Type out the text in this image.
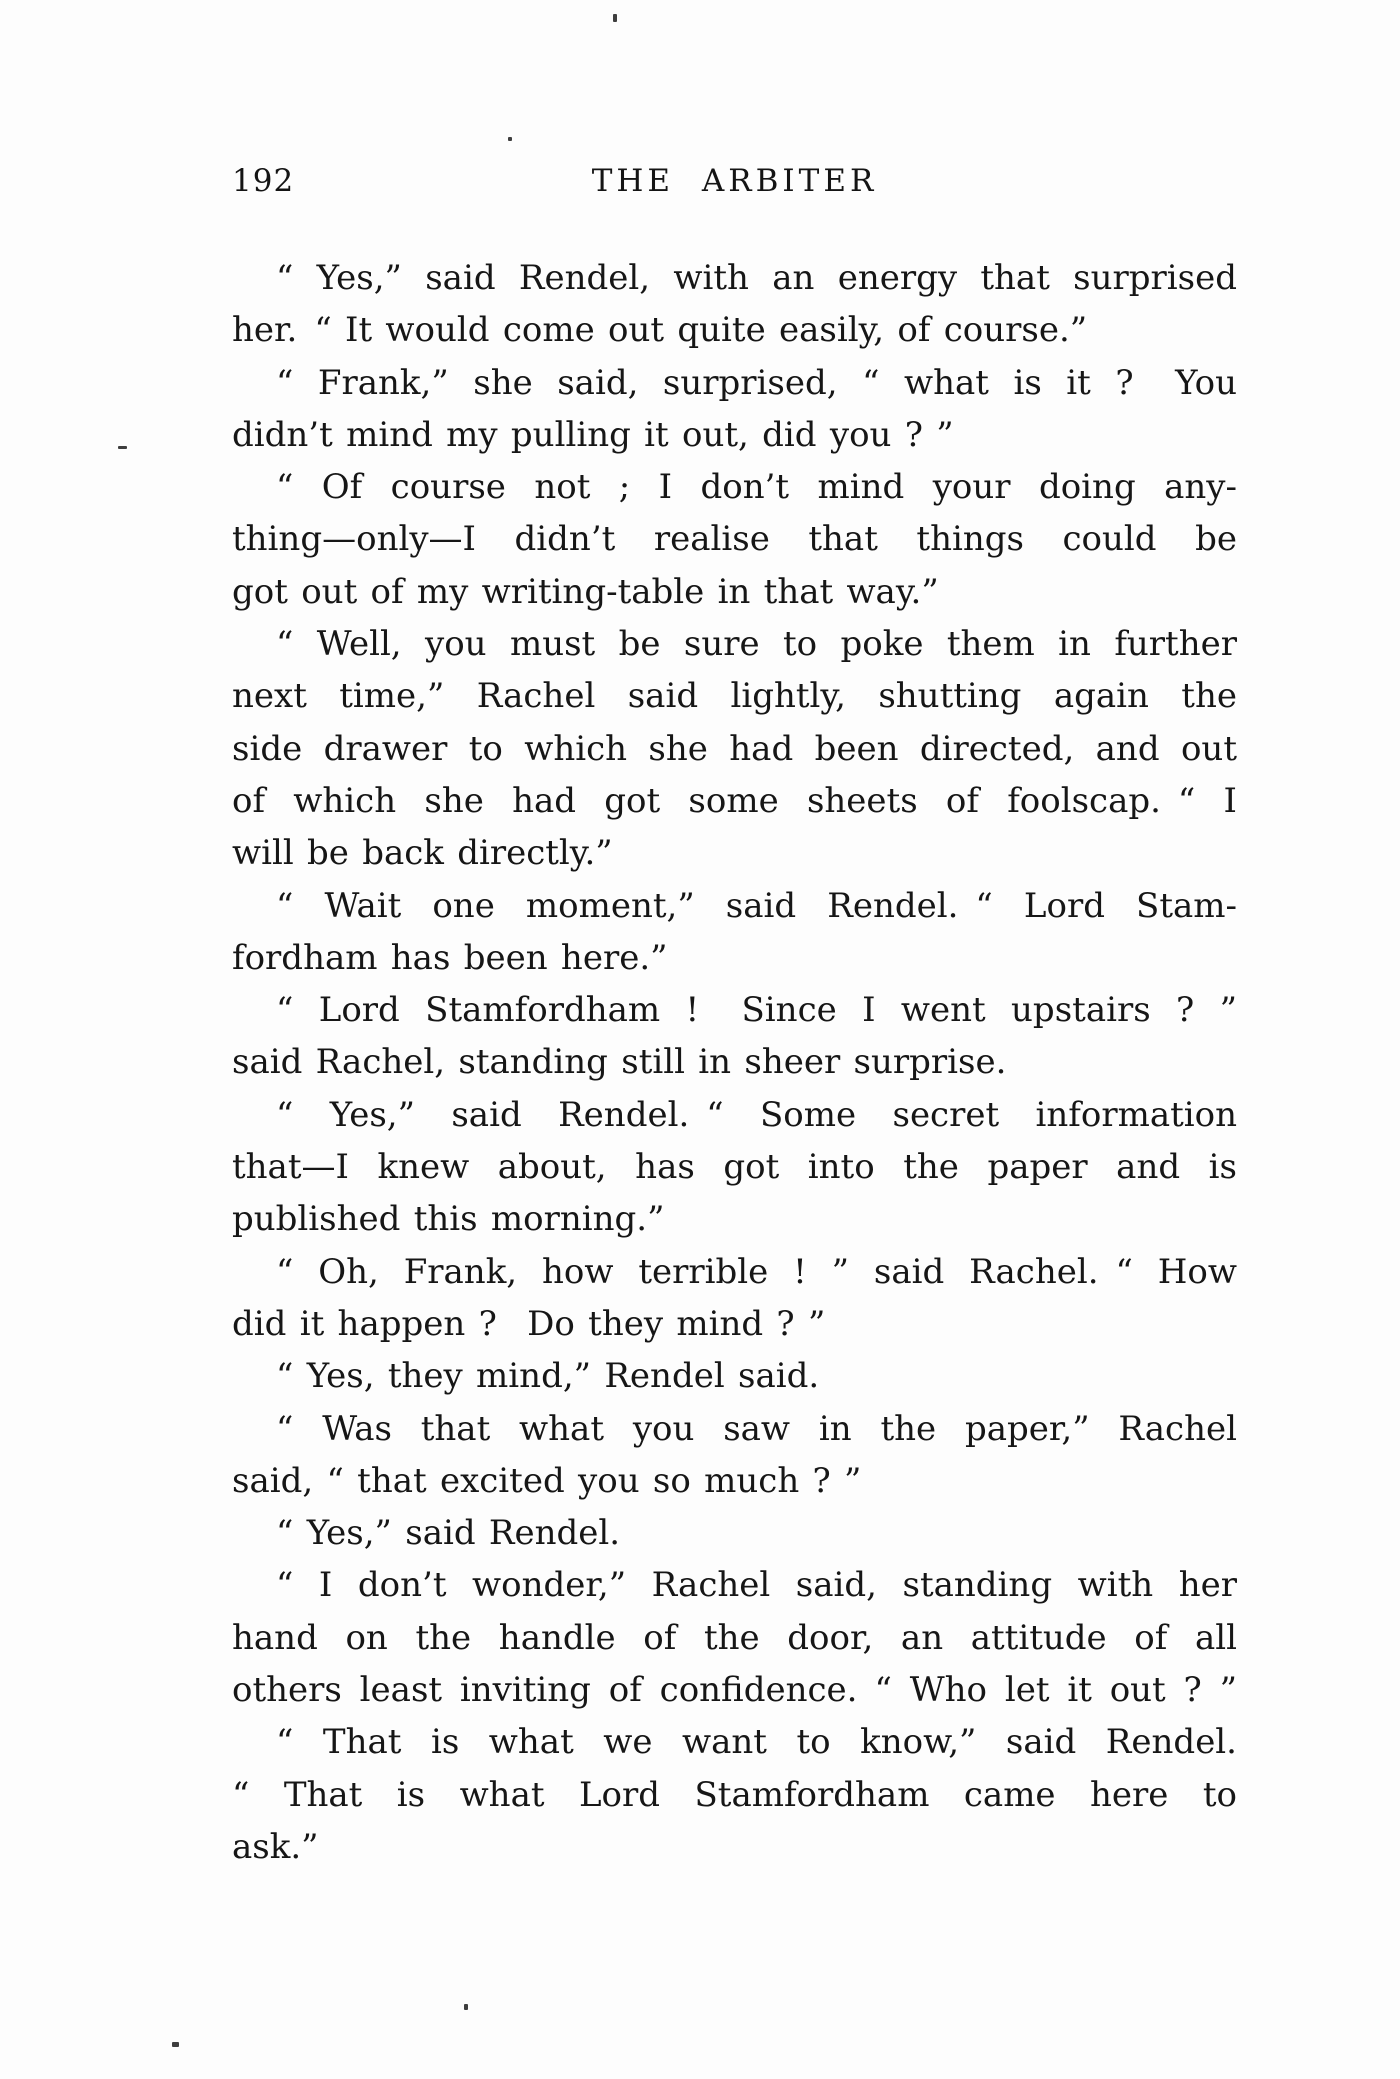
192	THE ARBITER
“ Yes,” said Rendel, with an energy that surprised
her. “ It would come out quite easily, of course.”
“ Frank,” she said, surprised, “ what is it ?  You
didn’t mind my pulling it out, did you ? ”
“ Of course not ; I don’t mind your doing any-
thing—only—I didn’t realise that things could be
got out of my writing-table in that way.”
“ Well, you must be sure to poke them in further
next time,” Rachel said lightly, shutting again the
side drawer to which she had been directed, and out
of which she had got some sheets of foolscap. “ I
will be back directly.”
“ Wait one moment,” said Rendel. “ Lord Stam-
fordham has been here.”
“ Lord Stamfordham !  Since I went upstairs ? ”
said Rachel, standing still in sheer surprise.
“ Yes,” said Rendel. “ Some secret information
that—I knew about, has got into the paper and is
published this morning.”
“ Oh, Frank, how terrible ! ” said Rachel. “ How
did it happen ?  Do they mind ? ”
“ Yes, they mind,” Rendel said.
“ Was that what you saw in the paper,” Rachel
said, “ that excited you so much ? ”
“ Yes,” said Rendel.
“ I don’t wonder,” Rachel said, standing with her
hand on the handle of the door, an attitude of all
others least inviting of confidence. “ Who let it out ? ”
“ That is what we want to know,” said Rendel.
“ That is what Lord Stamfordham came here to
ask.”
